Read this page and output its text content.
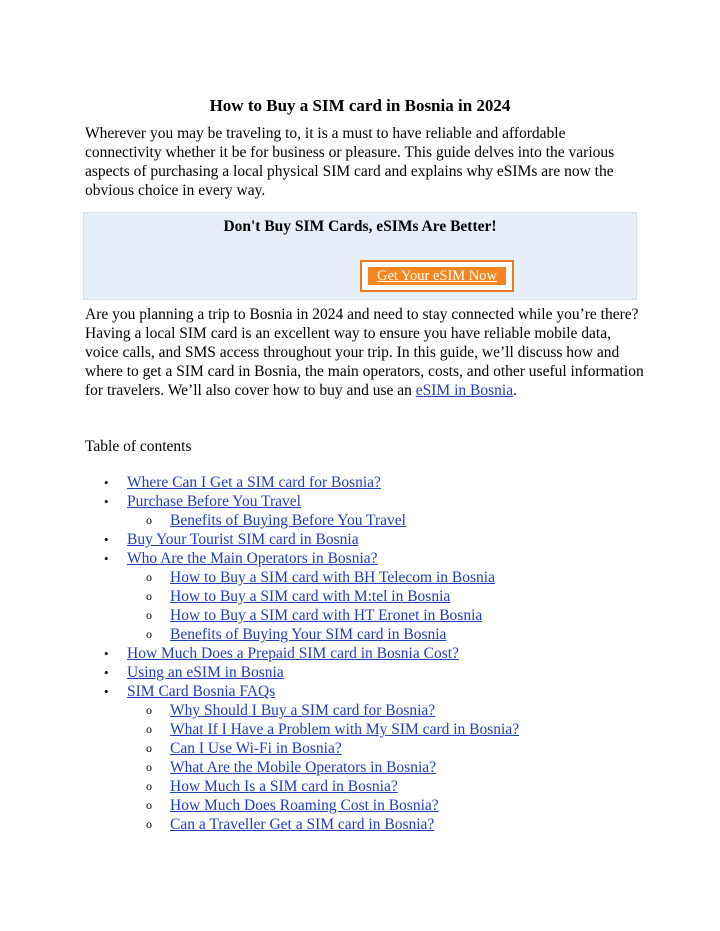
How to Buy a SIM card in Bosnia in 2024

Wherever you may be traveling to, it is a must to have reliable and affordable connectivity whether it be for business or pleasure. This guide delves into the various aspects of purchasing a local physical SIM card and explains why eSIMs are now the obvious choice in every way.

Don't Buy SIM Cards, eSIMs Are Better!
Get Your eSIM Now

Are you planning a trip to Bosnia in 2024 and need to stay connected while you’re there? Having a local SIM card is an excellent way to ensure you have reliable mobile data, voice calls, and SMS access throughout your trip. In this guide, we’ll discuss how and where to get a SIM card in Bosnia, the main operators, costs, and other useful information for travelers. We’ll also cover how to buy and use an eSIM in Bosnia.

Table of contents
• Where Can I Get a SIM card for Bosnia?
• Purchase Before You Travel
o Benefits of Buying Before You Travel
• Buy Your Tourist SIM card in Bosnia
• Who Are the Main Operators in Bosnia?
o How to Buy a SIM card with BH Telecom in Bosnia
o How to Buy a SIM card with M:tel in Bosnia
o How to Buy a SIM card with HT Eronet in Bosnia
o Benefits of Buying Your SIM card in Bosnia
• How Much Does a Prepaid SIM card in Bosnia Cost?
• Using an eSIM in Bosnia
• SIM Card Bosnia FAQs
o Why Should I Buy a SIM card for Bosnia?
o What If I Have a Problem with My SIM card in Bosnia?
o Can I Use Wi-Fi in Bosnia?
o What Are the Mobile Operators in Bosnia?
o How Much Is a SIM card in Bosnia?
o How Much Does Roaming Cost in Bosnia?
o Can a Traveller Get a SIM card in Bosnia?
